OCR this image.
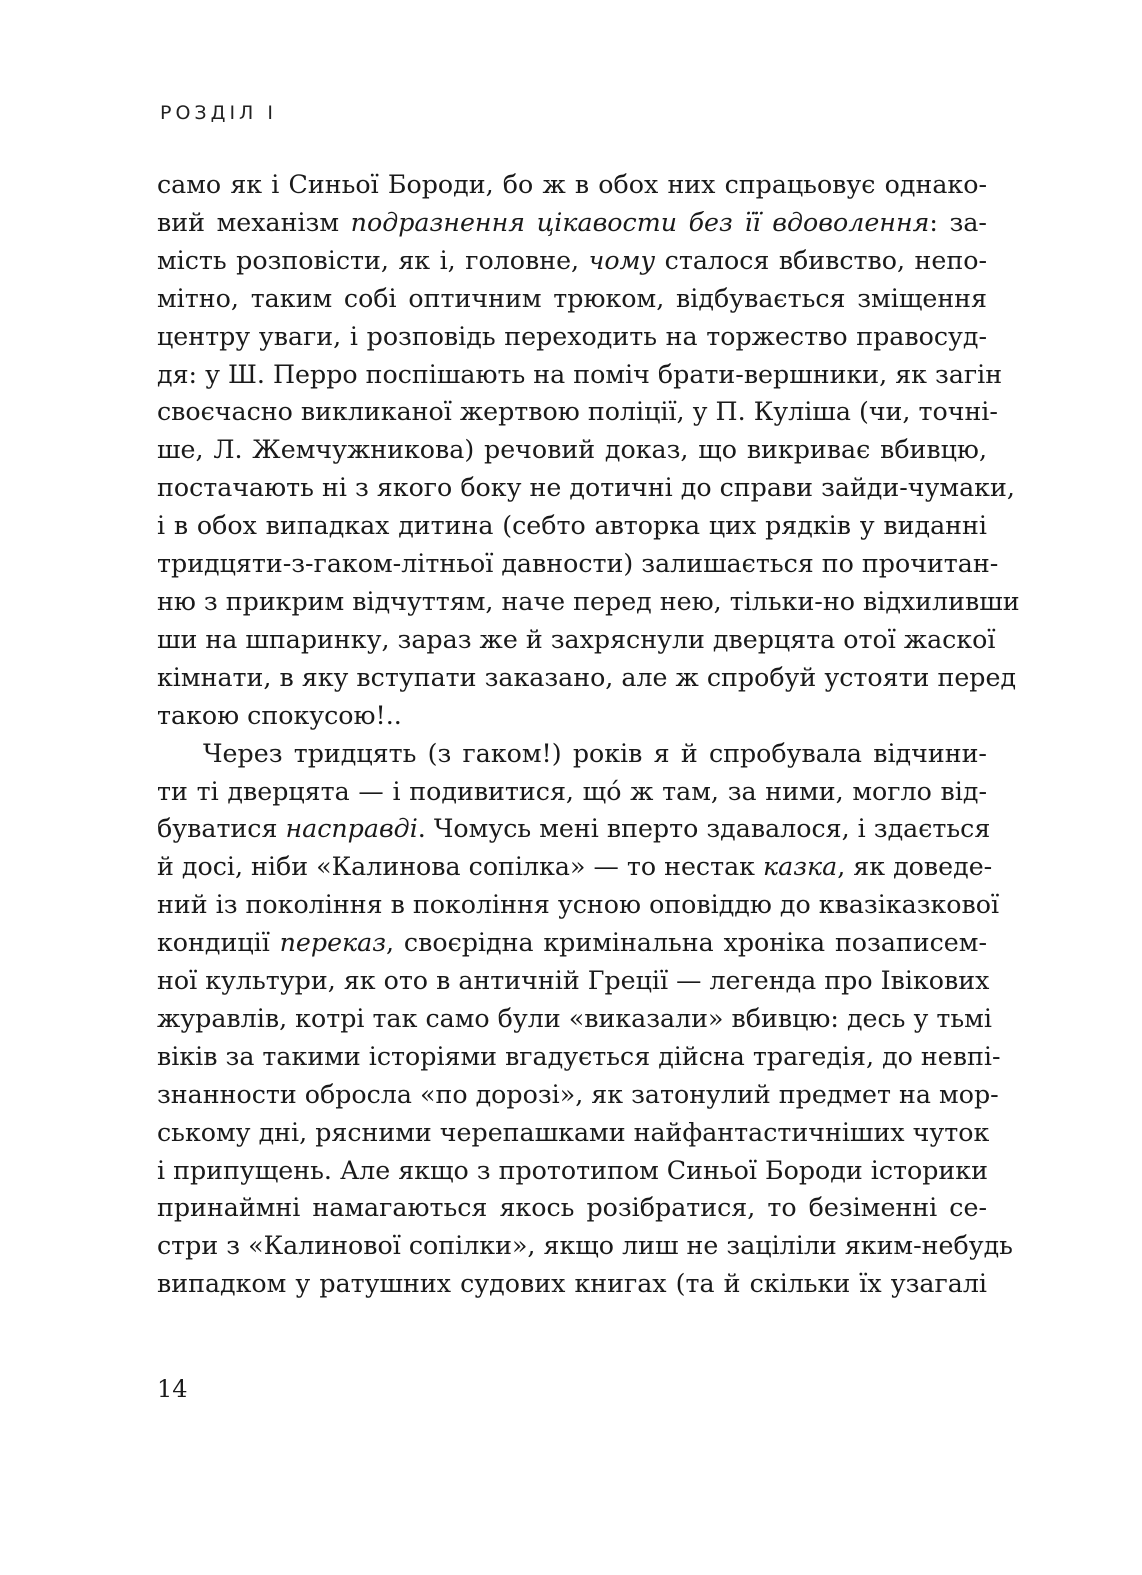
РОЗДІЛ І
само як і Синьої Бороди, бо ж в обох них спрацьовує однако-
вий механізм подразнення цікавости без її вдоволення: за-
мість розповісти, як і, головне, чому сталося вбивство, непо-
мітно, таким собі оптичним трюком, відбувається зміщення
центру уваги, і розповідь переходить на торжество правосуд-
дя: у Ш. Перро поспішають на поміч брати-вершники, як загін
своєчасно викликаної жертвою поліції, у П. Куліша (чи, точні-
ше, Л. Жемчужникова) речовий доказ, що викриває вбивцю,
постачають ні з якого боку не дотичні до справи зайди-чумаки,
і в обох випадках дитина (себто авторка цих рядків у виданні
тридцяти-з-гаком-літньої давности) залишається по прочитан-
ню з прикрим відчуттям, наче перед нею, тільки-но відхиливши
ши на шпаринку, зараз же й захряснули дверцята отої жаскої
кімнати, в яку вступати заказано, але ж спробуй устояти перед
такою спокусою!..
Через тридцять (з гаком!) років я й спробувала відчини-
ти ті дверцята — і подивитися, щó ж там, за ними, могло від-
буватися насправді. Чомусь мені вперто здавалося, і здається
й досі, ніби «Калинова сопілка» — то нестак казка, як доведе-
ний із покоління в покоління усною оповіддю до квазіказкової
кондиції переказ, своєрідна кримінальна хроніка позаписем-
ної культури, як ото в античній Греції — легенда про Івікових
журавлів, котрі так само були «виказали» вбивцю: десь у тьмі
віків за такими історіями вгадується дійсна трагедія, до невпі-
знанности обросла «по дорозі», як затонулий предмет на мор-
ському дні, рясними черепашками найфантастичніших чуток
і припущень. Але якщо з прототипом Синьої Бороди історики
принаймні намагаються якось розібратися, то безіменні се-
стри з «Калинової сопілки», якщо лиш не заціліли яким-небудь
випадком у ратушних судових книгах (та й скільки їх узагалі
14
